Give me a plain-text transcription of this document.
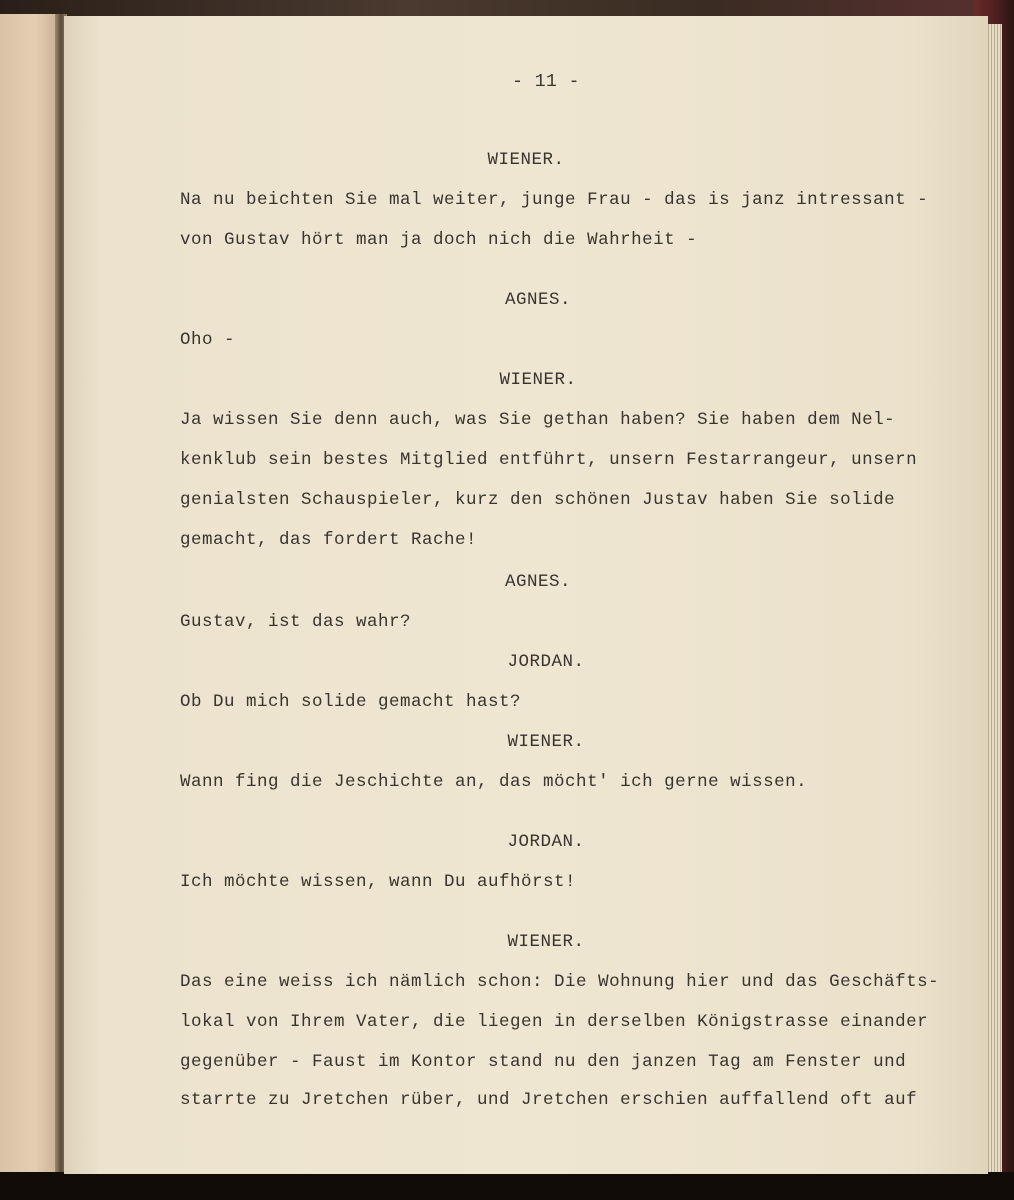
- 11 -
WIENER.
Na nu beichten Sie mal weiter, junge Frau - das is janz intressant -
von Gustav hört man ja doch nich die Wahrheit -
AGNES.
Oho -
WIENER.
Ja wissen Sie denn auch, was Sie gethan haben? Sie haben dem Nel-
kenklub sein bestes Mitglied entführt, unsern Festarrangeur, unsern
genialsten Schauspieler, kurz den schönen Justav haben Sie solide
gemacht, das fordert Rache!
AGNES.
Gustav, ist das wahr?
JORDAN.
Ob Du mich solide gemacht hast?
WIENER.
Wann fing die Jeschichte an, das möcht' ich gerne wissen.
JORDAN.
Ich möchte wissen, wann Du aufhörst!
WIENER.
Das eine weiss ich nämlich schon: Die Wohnung hier und das Geschäfts-
lokal von Ihrem Vater, die liegen in derselben Königstrasse einander
gegenüber - Faust im Kontor stand nu den janzen Tag am Fenster und
starrte zu Jretchen rüber, und Jretchen erschien auffallend oft auf
